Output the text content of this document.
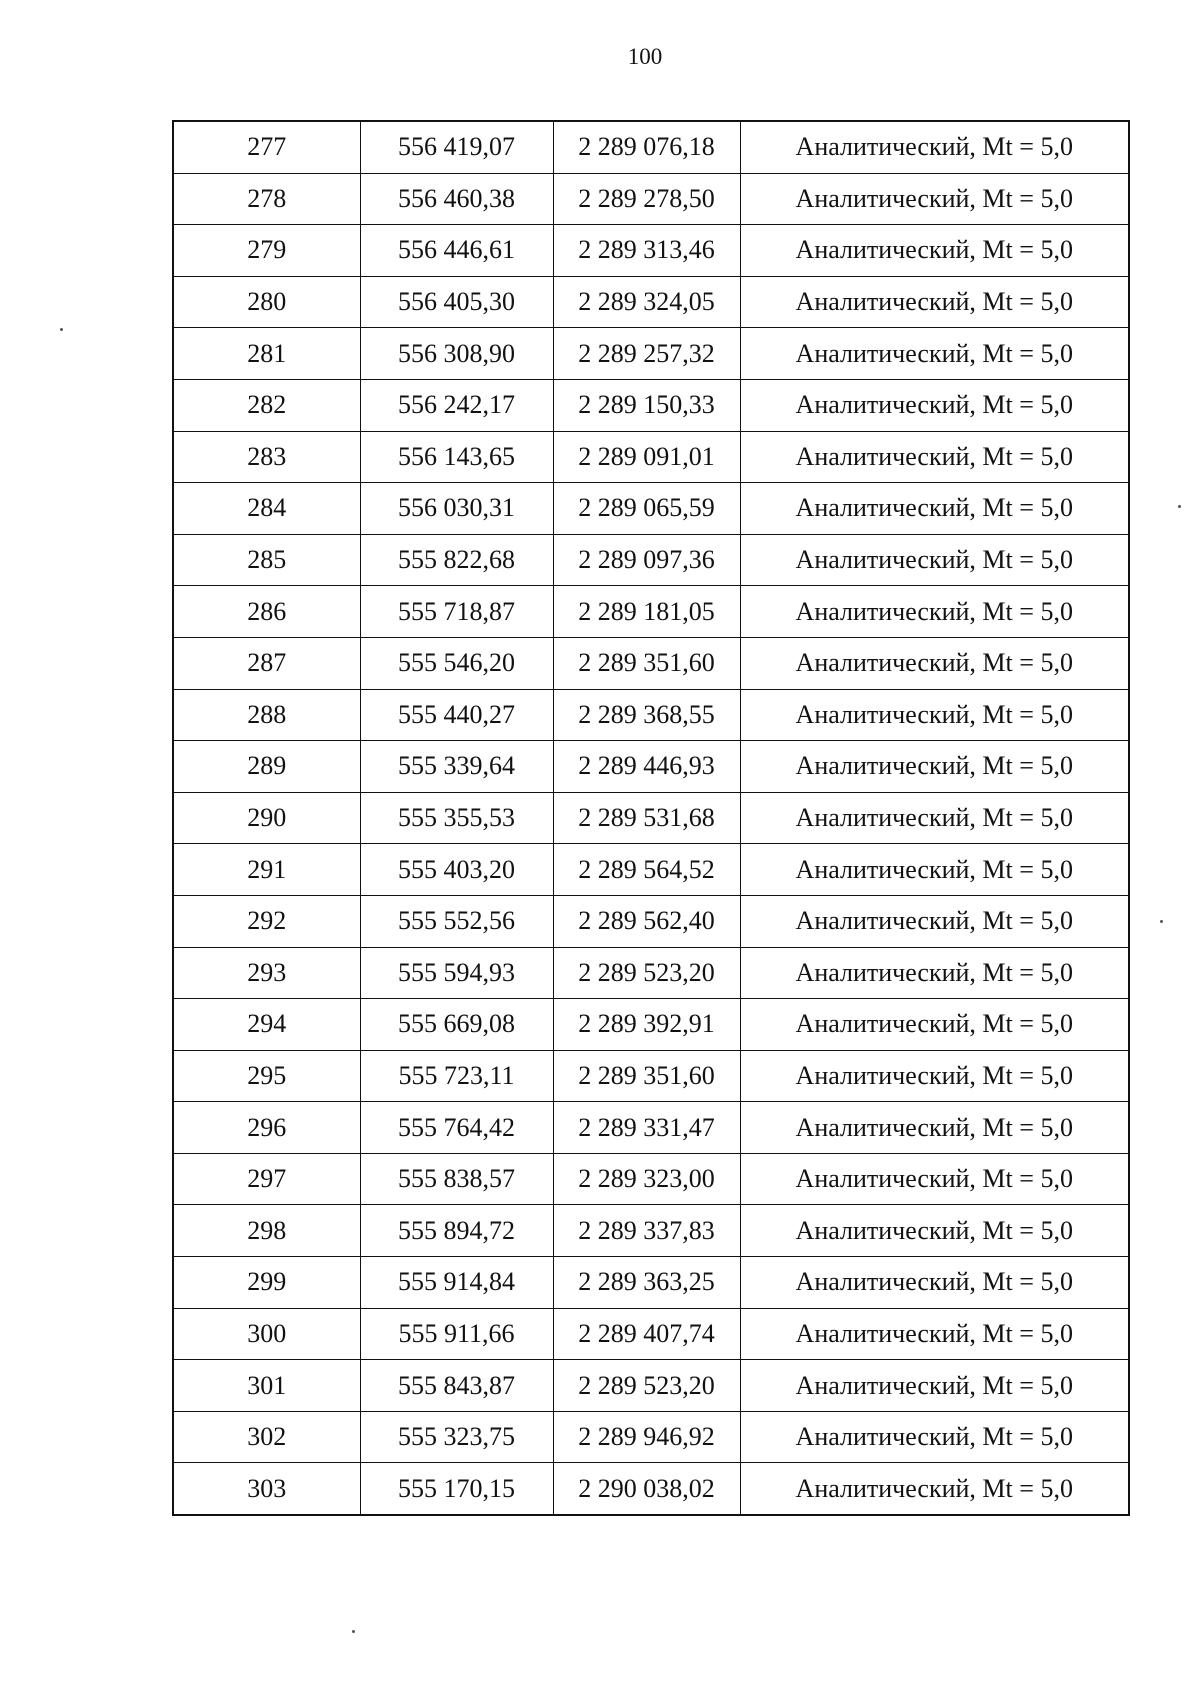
100
277	556 419,07	2 289 076,18	Аналитический, Mt = 5,0
278	556 460,38	2 289 278,50	Аналитический, Mt = 5,0
279	556 446,61	2 289 313,46	Аналитический, Mt = 5,0
280	556 405,30	2 289 324,05	Аналитический, Mt = 5,0
281	556 308,90	2 289 257,32	Аналитический, Mt = 5,0
282	556 242,17	2 289 150,33	Аналитический, Mt = 5,0
283	556 143,65	2 289 091,01	Аналитический, Mt = 5,0
284	556 030,31	2 289 065,59	Аналитический, Mt = 5,0
285	555 822,68	2 289 097,36	Аналитический, Mt = 5,0
286	555 718,87	2 289 181,05	Аналитический, Mt = 5,0
287	555 546,20	2 289 351,60	Аналитический, Mt = 5,0
288	555 440,27	2 289 368,55	Аналитический, Mt = 5,0
289	555 339,64	2 289 446,93	Аналитический, Mt = 5,0
290	555 355,53	2 289 531,68	Аналитический, Mt = 5,0
291	555 403,20	2 289 564,52	Аналитический, Mt = 5,0
292	555 552,56	2 289 562,40	Аналитический, Mt = 5,0
293	555 594,93	2 289 523,20	Аналитический, Mt = 5,0
294	555 669,08	2 289 392,91	Аналитический, Mt = 5,0
295	555 723,11	2 289 351,60	Аналитический, Mt = 5,0
296	555 764,42	2 289 331,47	Аналитический, Mt = 5,0
297	555 838,57	2 289 323,00	Аналитический, Mt = 5,0
298	555 894,72	2 289 337,83	Аналитический, Mt = 5,0
299	555 914,84	2 289 363,25	Аналитический, Mt = 5,0
300	555 911,66	2 289 407,74	Аналитический, Mt = 5,0
301	555 843,87	2 289 523,20	Аналитический, Mt = 5,0
302	555 323,75	2 289 946,92	Аналитический, Mt = 5,0
303	555 170,15	2 290 038,02	Аналитический, Mt = 5,0
